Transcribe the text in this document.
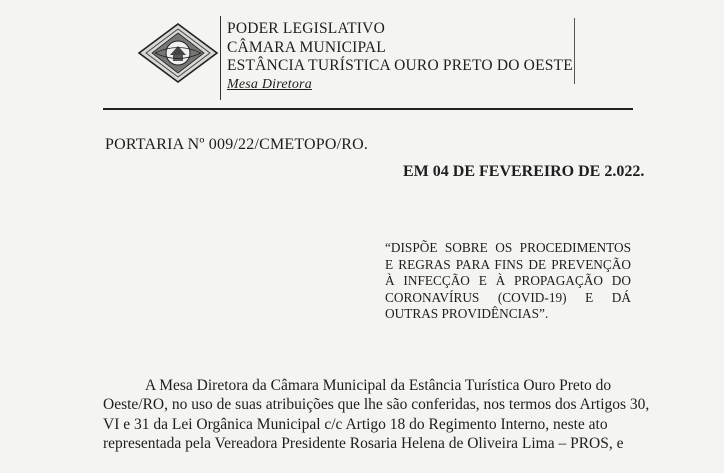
PODER LEGISLATIVO
CÂMARA MUNICIPAL
ESTÂNCIA TURÍSTICA OURO PRETO DO OESTE
Mesa Diretora
PORTARIA Nº 009/22/CMETOPO/RO.
EM 04 DE FEVEREIRO DE 2.022.
“DISPÕE SOBRE OS PROCEDIMENTOS
E REGRAS PARA FINS DE PREVENÇÃO
À INFECÇÃO E À PROPAGAÇÃO DO
CORONAVÍRUS (COVID-19) E DÁ
OUTRAS PROVIDÊNCIAS”.
A Mesa Diretora da Câmara Municipal da Estância Turística Ouro Preto do
Oeste/RO, no uso de suas atribuições que lhe são conferidas, nos termos dos Artigos 30,
VI e 31 da Lei Orgânica Municipal c/c Artigo 18 do Regimento Interno, neste ato
representada pela Vereadora Presidente Rosaria Helena de Oliveira Lima – PROS, e
